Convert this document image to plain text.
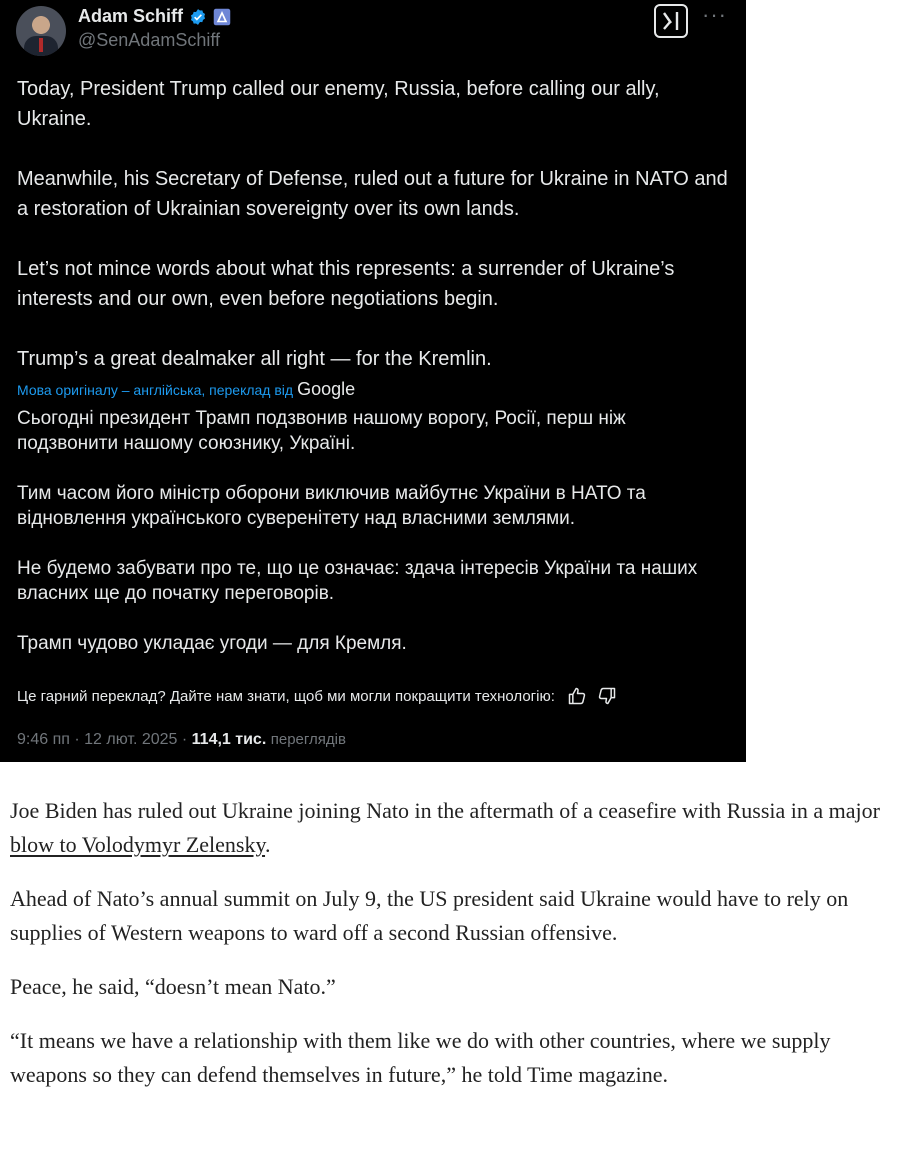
Adam Schiff
@SenAdamSchiff
···

Today, President Trump called our enemy, Russia, before calling our ally, Ukraine.

Meanwhile, his Secretary of Defense, ruled out a future for Ukraine in NATO and a restoration of Ukrainian sovereignty over its own lands.

Let’s not mince words about what this represents: a surrender of Ukraine’s interests and our own, even before negotiations begin.

Trump’s a great dealmaker all right — for the Kremlin.

Мова оригіналу – англійська, переклад від Google

Сьогодні президент Трамп подзвонив нашому ворогу, Росії, перш ніж подзвонити нашому союзнику, Україні.

Тим часом його міністр оборони виключив майбутнє України в НАТО та відновлення українського суверенітету над власними землями.

Не будемо забувати про те, що це означає: здача інтересів України та наших власних ще до початку переговорів.

Трамп чудово укладає угоди — для Кремля.

Це гарний переклад? Дайте нам знати, щоб ми могли покращити технологію:
9:46 пп · 12 лют. 2025 · 114,1 тис. переглядів

Joe Biden has ruled out Ukraine joining Nato in the aftermath of a ceasefire with Russia in a major blow to Volodymyr Zelensky.

Ahead of Nato’s annual summit on July 9, the US president said Ukraine would have to rely on supplies of Western weapons to ward off a second Russian offensive.

Peace, he said, “doesn’t mean Nato.”

“It means we have a relationship with them like we do with other countries, where we supply weapons so they can defend themselves in future,” he told Time magazine.
